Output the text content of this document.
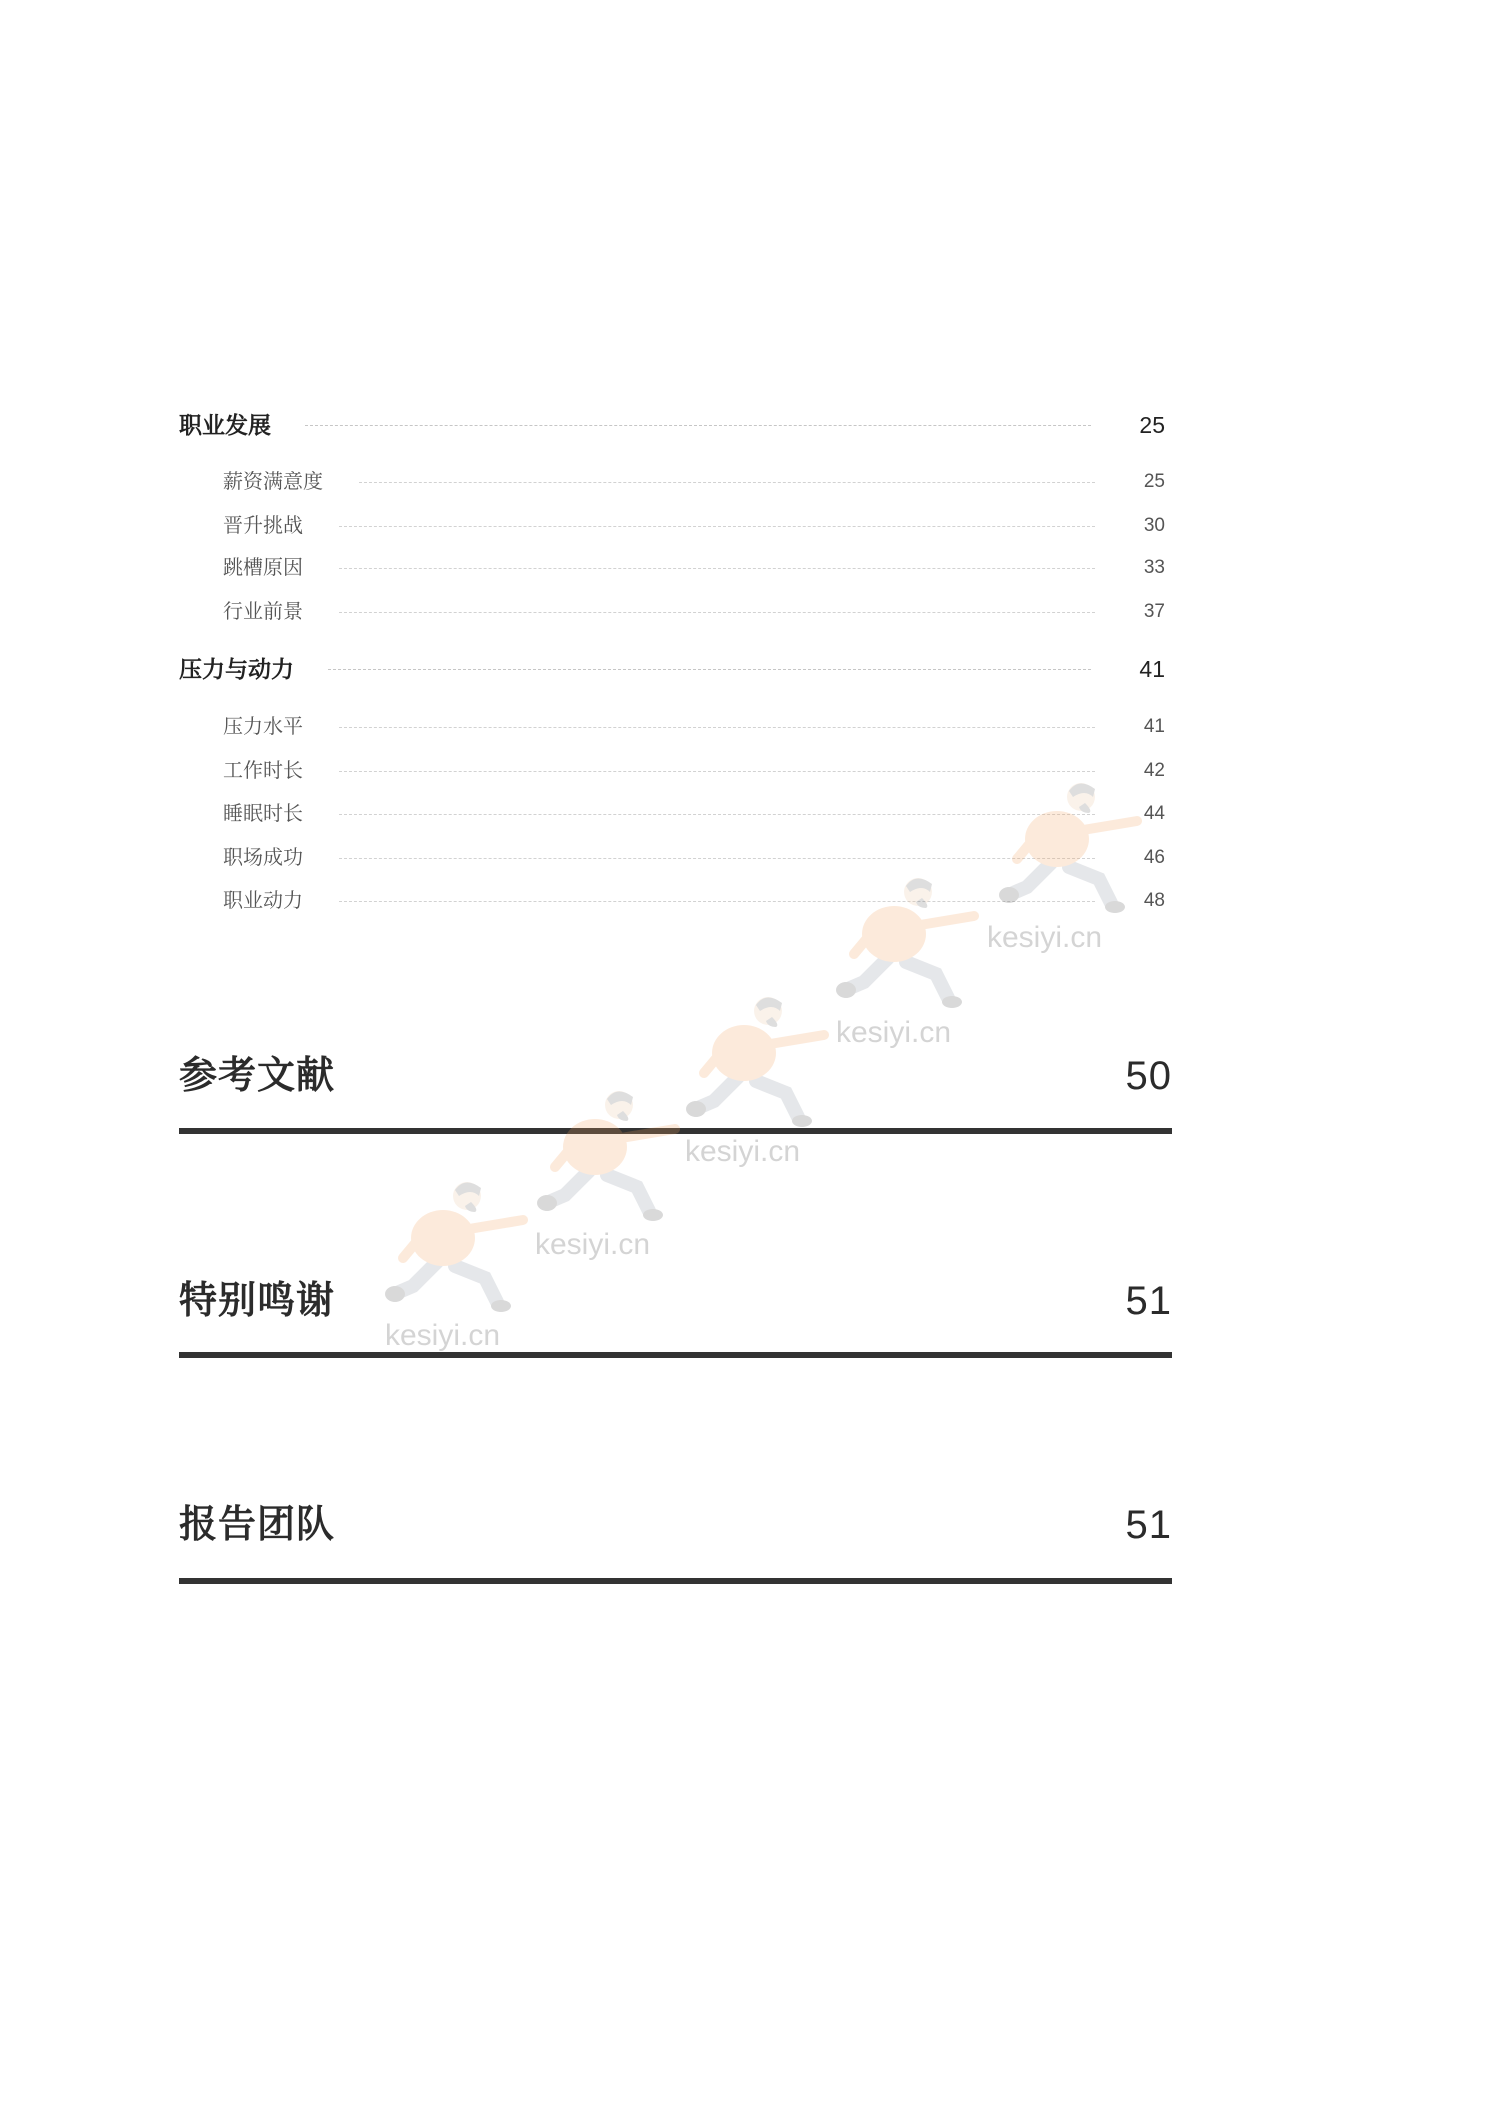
职业发展	25
薪资满意度	25
晋升挑战	30
跳槽原因	33
行业前景	37
压力与动力	41
压力水平	41
工作时长	42
睡眠时长	44
职场成功	46
职业动力	48
参考文献	50
特别鸣谢	51
报告团队	51
kesiyi.cn
kesiyi.cn
kesiyi.cn
kesiyi.cn
kesiyi.cn
